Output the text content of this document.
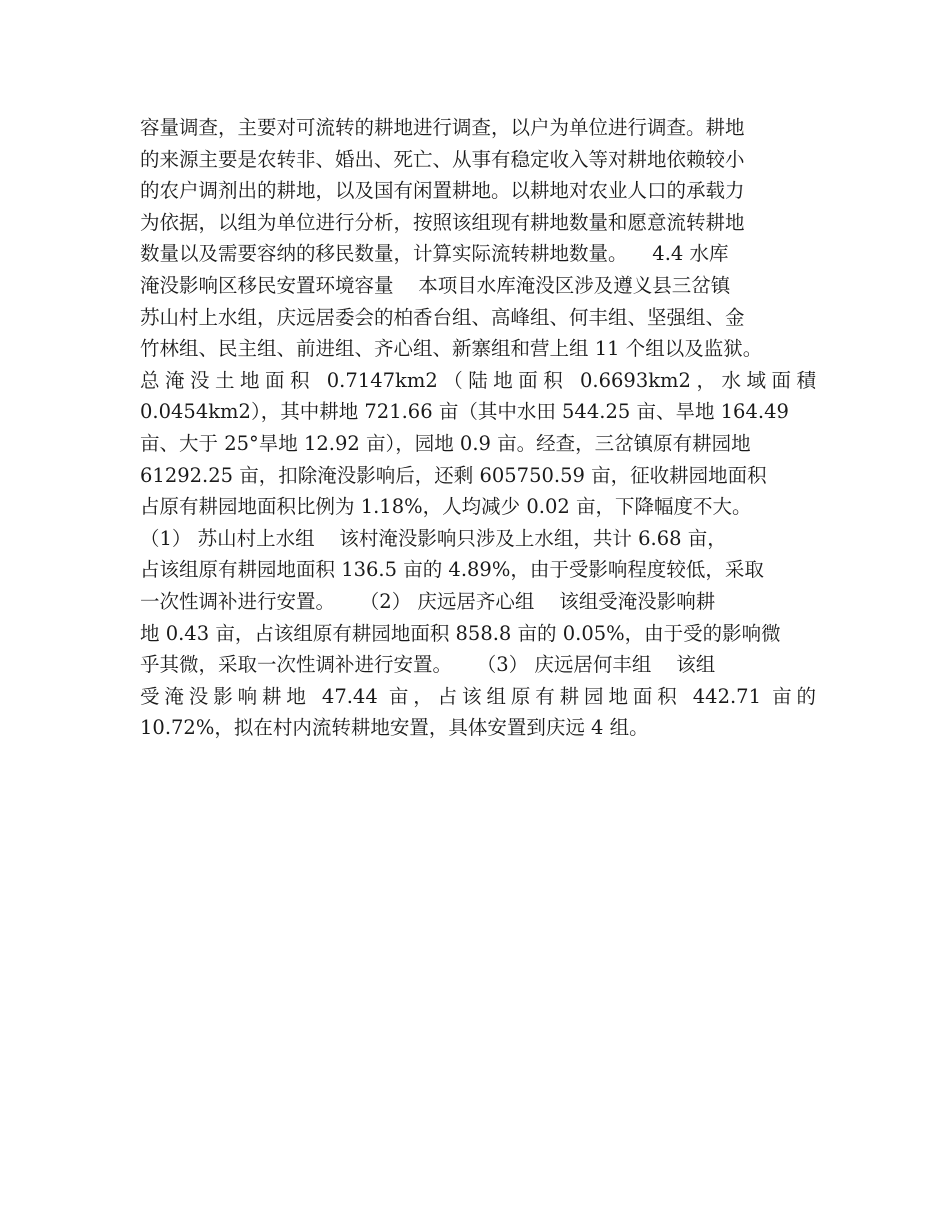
容量调查，主要对可流转的耕地进行调查，以户为单位进行调查。耕地
的来源主要是农转非、婚出、死亡、从事有稳定收入等对耕地依赖较小
的农户调剂出的耕地，以及国有闲置耕地。以耕地对农业人口的承载力
为依据，以组为单位进行分析，按照该组现有耕地数量和愿意流转耕地
数量以及需要容纳的移民数量，计算实际流转耕地数量。    4.4 水库
淹没影响区移民安置环境容量    本项目水库淹没区涉及遵义县三岔镇
苏山村上水组，庆远居委会的柏香台组、高峰组、何丰组、坚强组、金
竹林组、民主组、前进组、齐心组、新寨组和营上组 11 个组以及监狱。
总淹没土地面积 0.7147km2（陆地面积 0.6693km2，水域面積
0.0454km2），其中耕地 721.66 亩（其中水田 544.25 亩、旱地 164.49
亩、大于 25°旱地 12.92 亩），园地 0.9 亩。经查，三岔镇原有耕园地
61292.25 亩，扣除淹没影响后，还剩 605750.59 亩，征收耕园地面积
占原有耕园地面积比例为 1.18%，人均减少 0.02 亩，下降幅度不大。
（1） 苏山村上水组    该村淹没影响只涉及上水组，共计 6.68 亩，
占该组原有耕园地面积 136.5 亩的 4.89%，由于受影响程度较低，采取
一次性调补进行安置。    （2） 庆远居齐心组    该组受淹没影响耕
地 0.43 亩，占该组原有耕园地面积 858.8 亩的 0.05%，由于受的影响微
乎其微，采取一次性调补进行安置。    （3） 庆远居何丰组    该组
受淹没影响耕地 47.44 亩，占该组原有耕园地面积 442.71 亩的
10.72%，拟在村内流转耕地安置，具体安置到庆远 4 组。
